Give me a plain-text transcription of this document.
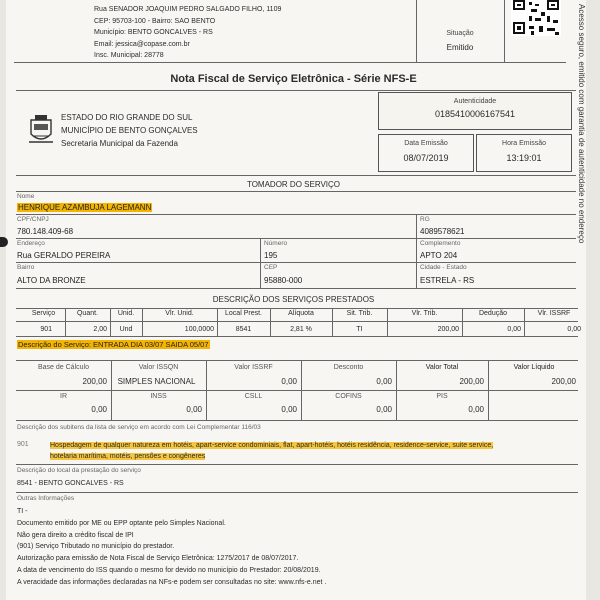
Rua SENADOR JOAQUIM PEDRO SALGADO FILHO, 1109
CEP: 95703-100 - Bairro: SAO BENTO
Município: BENTO GONCALVES - RS
Email: jessica@copase.com.br
Insc. Municipal: 28778
Situação
Emitido
Nota Fiscal de Serviço Eletrônica - Série NFS-E
ESTADO DO RIO GRANDE DO SUL
MUNICÍPIO DE BENTO GONÇALVES
Secretaria Municipal da Fazenda
Autenticidade
0185410006167541
Data Emissão
08/07/2019
Hora Emissão
13:19:01
TOMADOR DO SERVIÇO
Nome
HENRIQUE AZAMBUJA LAGEMANN
CPF/CNPJ
780.148.409-68
RG
4089578621
Endereço
Rua GERALDO PEREIRA
Número
195
Complemento
APTO 204
Bairro
ALTO DA BRONZE
CEP
95880-000
Cidade - Estado
ESTRELA - RS
DESCRIÇÃO DOS SERVIÇOS PRESTADOS
Serviço
901
Quant.
2,00
Unid.
Und
Vlr. Unid.
100,0000
Local Prest.
8541
Alíquota
2,81 %
Sit. Trib.
TI
Vlr. Trib.
200,00
Dedução
0,00
Vlr. ISSRF
0,00
Descrição do Serviço: ENTRADA DIA 03/07 SAIDA 05/07
Base de Cálculo
200,00
Valor ISSQN
SIMPLES NACIONAL
Valor ISSRF
0,00
Desconto
0,00
Valor Total
200,00
Valor Líquido
200,00
IR
0,00
INSS
0,00
CSLL
0,00
COFINS
0,00
PIS
0,00
Descrição dos subitens da lista de serviço em acordo com Lei Complementar 116/03
901	Hospedagem de qualquer natureza em hotéis, apart-service condominiais, flat, apart-hotéis, hotéis residência, residence-service, suite service,
hotelaria marítima, motéis, pensões e congêneres
Descrição do local da prestação do serviço
8541 - BENTO GONCALVES - RS
Outras Informações
TI -
Documento emitido por ME ou EPP optante pelo Simples Nacional.
Não gera direito a crédito fiscal de IPI
(901) Serviço Tributado no município do prestador.
Autorização para emissão de Nota Fiscal de Serviço Eletrônica: 1275/2017 de 08/07/2017.
A data de vencimento do ISS quando o mesmo for devido no município do Prestador: 20/08/2019.
A veracidade das informações declaradas na NFs-e podem ser consultadas no site: www.nfs-e.net .
Acesso seguro, emitido com garantia de autenticidade no endereço
